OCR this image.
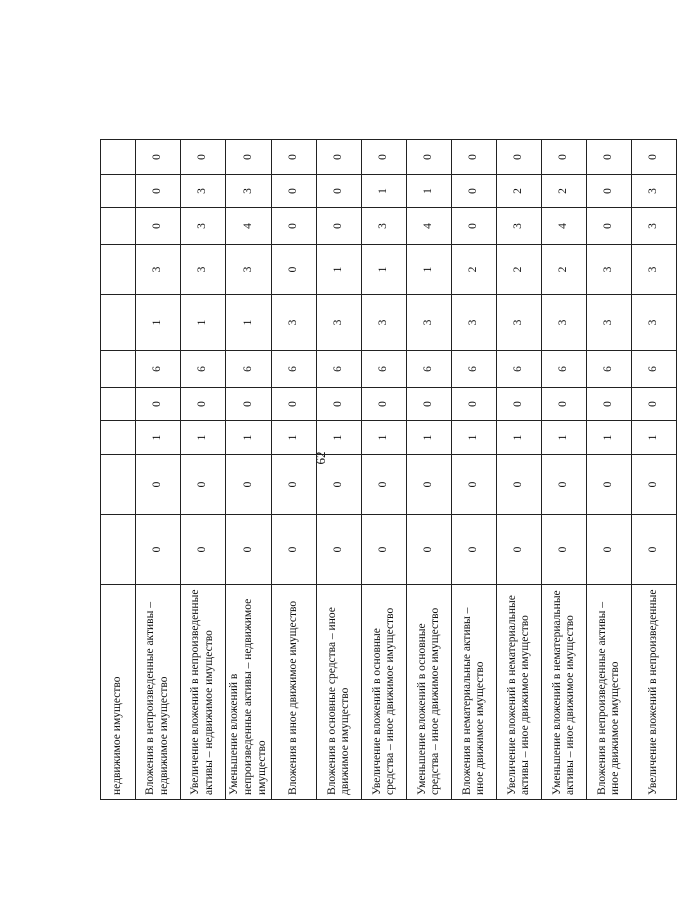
62
недвижимое имущество										
Вложения в непроизведенные активы – недвижимое имущество	0	0	1	0	6	1	3	0	0	0
Увеличение вложений в непроизведенные активы – недвижимое имущество	0	0	1	0	6	1	3	3	3	0
Уменьшение вложений в непроизведенные активы – недвижимое имущество	0	0	1	0	6	1	3	4	3	0
Вложения в иное движимое имущество	0	0	1	0	6	3	0	0	0	0
Вложения в основные средства – иное движимое имущество	0	0	1	0	6	3	1	0	0	0
Увеличение вложений в основные средства – иное движимое имущество	0	0	1	0	6	3	1	3	1	0
Уменьшение вложений в основные средства – иное движимое имущество	0	0	1	0	6	3	1	4	1	0
Вложения в нематериальные активы – иное движимое имущество	0	0	1	0	6	3	2	0	0	0
Увеличение вложений в нематериальные активы – иное движимое имущество	0	0	1	0	6	3	2	3	2	0
Уменьшение вложений в нематериальные активы – иное движимое имущество	0	0	1	0	6	3	2	4	2	0
Вложения в непроизведенные активы – иное движимое имущество	0	0	1	0	6	3	3	0	0	0
Увеличение вложений в непроизведенные	0	0	1	0	6	3	3	3	3	0
